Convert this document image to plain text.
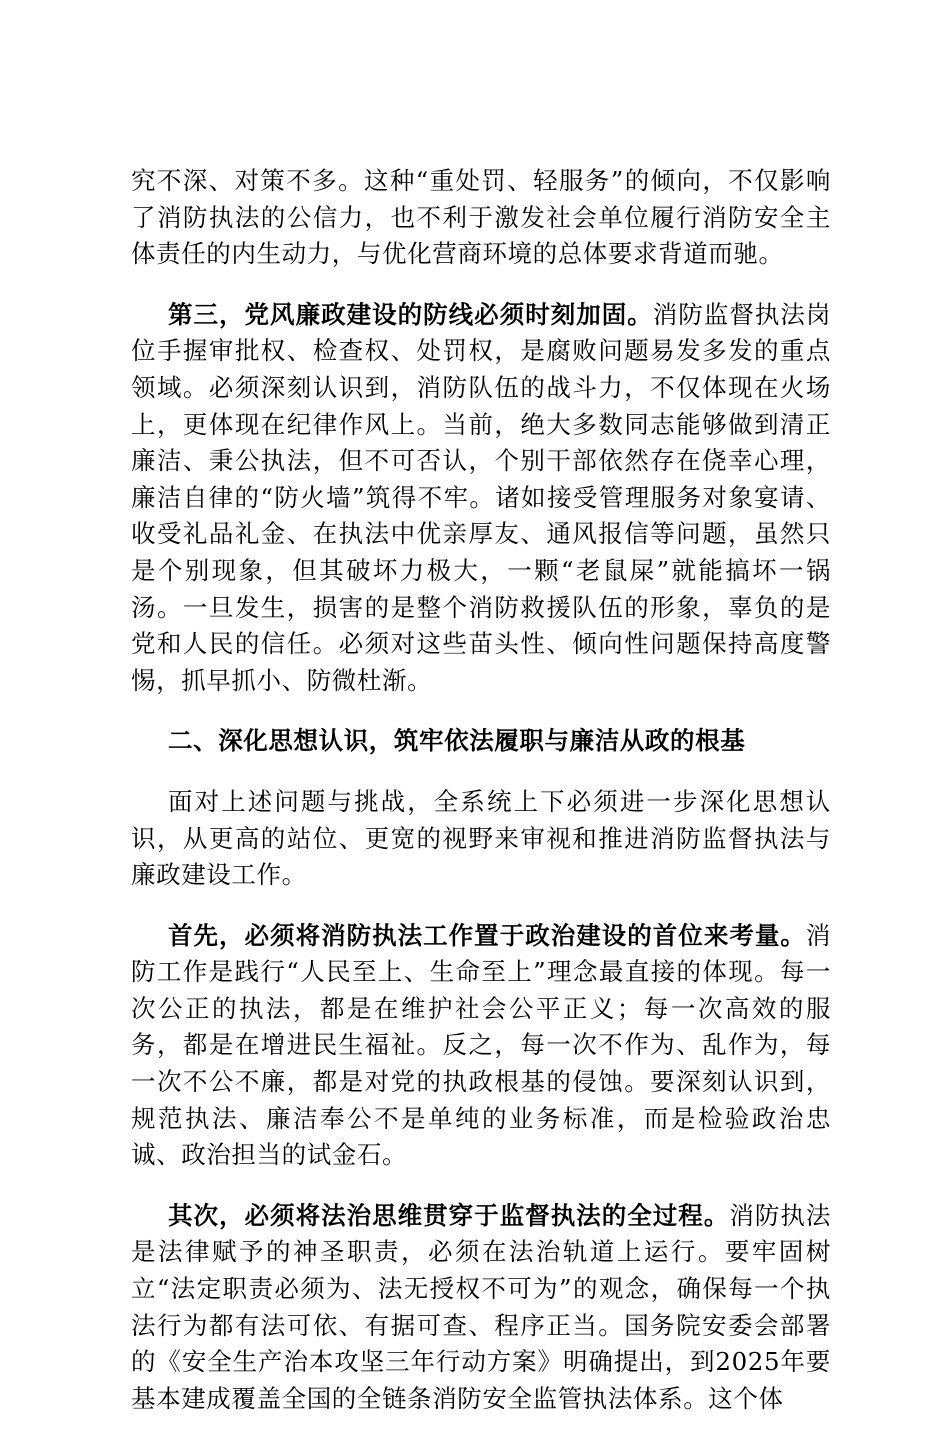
究不深、对策不多。这种“重处罚、轻服务”的倾向，不仅影响了消防执法的公信力，也不利于激发社会单位履行消防安全主体责任的内生动力，与优化营商环境的总体要求背道而驰。

第三，党风廉政建设的防线必须时刻加固。消防监督执法岗位手握审批权、检查权、处罚权，是腐败问题易发多发的重点领域。必须深刻认识到，消防队伍的战斗力，不仅体现在火场上，更体现在纪律作风上。当前，绝大多数同志能够做到清正廉洁、秉公执法，但不可否认，个别干部依然存在侥幸心理，廉洁自律的“防火墙”筑得不牢。诸如接受管理服务对象宴请、收受礼品礼金、在执法中优亲厚友、通风报信等问题，虽然只是个别现象，但其破坏力极大，一颗“老鼠屎”就能搞坏一锅汤。一旦发生，损害的是整个消防救援队伍的形象，辜负的是党和人民的信任。必须对这些苗头性、倾向性问题保持高度警惕，抓早抓小、防微杜渐。

二、深化思想认识，筑牢依法履职与廉洁从政的根基

面对上述问题与挑战，全系统上下必须进一步深化思想认识，从更高的站位、更宽的视野来审视和推进消防监督执法与廉政建设工作。

首先，必须将消防执法工作置于政治建设的首位来考量。消防工作是践行“人民至上、生命至上”理念最直接的体现。每一次公正的执法，都是在维护社会公平正义；每一次高效的服务，都是在增进民生福祉。反之，每一次不作为、乱作为，每一次不公不廉，都是对党的执政根基的侵蚀。要深刻认识到，规范执法、廉洁奉公不是单纯的业务标准，而是检验政治忠诚、政治担当的试金石。

其次，必须将法治思维贯穿于监督执法的全过程。消防执法是法律赋予的神圣职责，必须在法治轨道上运行。要牢固树立“法定职责必须为、法无授权不可为”的观念，确保每一个执法行为都有法可依、有据可查、程序正当。国务院安委会部署的《安全生产治本攻坚三年行动方案》明确提出，到2025年要基本建成覆盖全国的全链条消防安全监管执法体系。这个体
